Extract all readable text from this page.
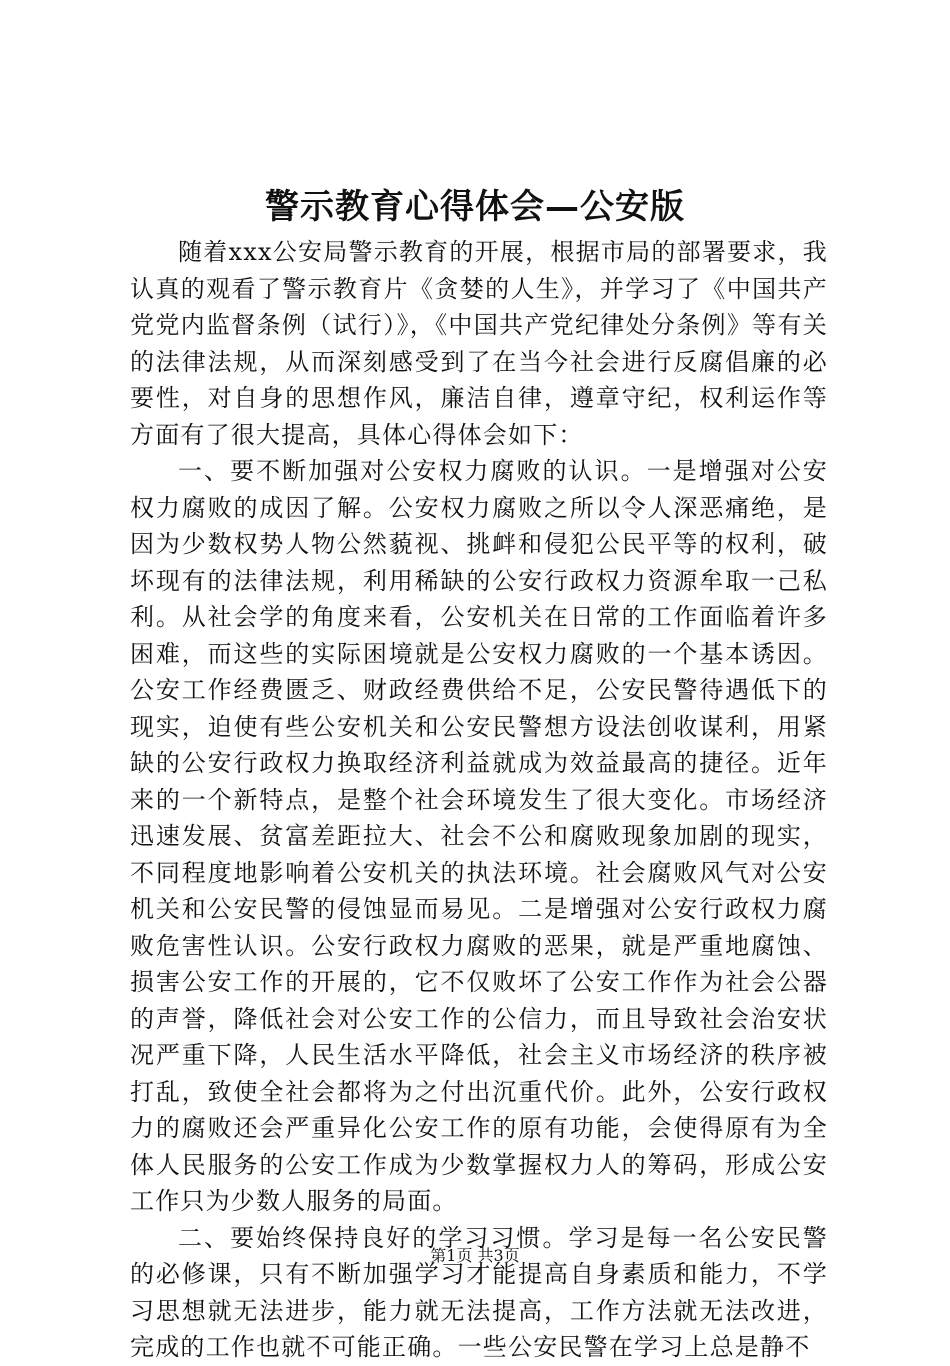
警示教育心得体会—公安版

随着xxx公安局警示教育的开展，根据市局的部署要求，我认真的观看了警示教育片《贪婪的人生》，并学习了《中国共产党党内监督条例（试行）》，《中国共产党纪律处分条例》等有关的法律法规，从而深刻感受到了在当今社会进行反腐倡廉的必要性，对自身的思想作风，廉洁自律，遵章守纪，权利运作等方面有了很大提高，具体心得体会如下：

一、要不断加强对公安权力腐败的认识。一是增强对公安权力腐败的成因了解。公安权力腐败之所以令人深恶痛绝，是因为少数权势人物公然藐视、挑衅和侵犯公民平等的权利，破坏现有的法律法规，利用稀缺的公安行政权力资源牟取一己私利。从社会学的角度来看，公安机关在日常的工作面临着许多困难，而这些的实际困境就是公安权力腐败的一个基本诱因。公安工作经费匮乏、财政经费供给不足，公安民警待遇低下的现实，迫使有些公安机关和公安民警想方设法创收谋利，用紧缺的公安行政权力换取经济利益就成为效益最高的捷径。近年来的一个新特点，是整个社会环境发生了很大变化。市场经济迅速发展、贫富差距拉大、社会不公和腐败现象加剧的现实，不同程度地影响着公安机关的执法环境。社会腐败风气对公安机关和公安民警的侵蚀显而易见。二是增强对公安行政权力腐败危害性认识。公安行政权力腐败的恶果，就是严重地腐蚀、损害公安工作的开展的，它不仅败坏了公安工作作为社会公器的声誉，降低社会对公安工作的公信力，而且导致社会治安状况严重下降，人民生活水平降低，社会主义市场经济的秩序被打乱，致使全社会都将为之付出沉重代价。此外，公安行政权力的腐败还会严重异化公安工作的原有功能，会使得原有为全体人民服务的公安工作成为少数掌握权力人的筹码，形成公安工作只为少数人服务的局面。

二、要始终保持良好的学习习惯。学习是每一名公安民警的必修课，只有不断加强学习才能提高自身素质和能力，不学习思想就无法进步，能力就无法提高，工作方法就无法改进，完成的工作也就不可能正确。一些公安民警在学习上总是静不

第1页 共3页
